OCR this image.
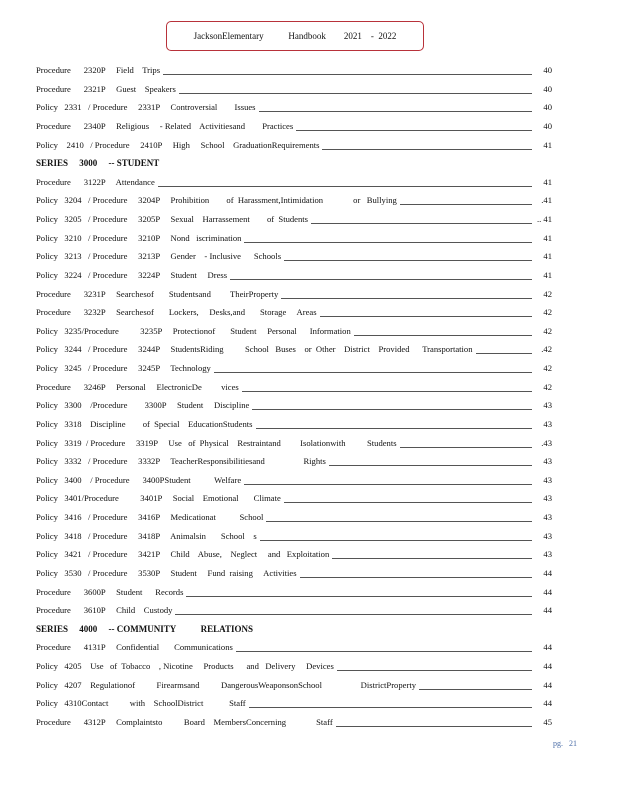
JacksonElementary           Handbook        2021    -  2022
Procedure      2320P     Field    Trips	40
Procedure      2321P     Guest    Speakers	40
Policy   2331   / Procedure     2331P     Controversial        Issues	40
Procedure      2340P     Religious     - Related    Activitiesand        Practices	40
Policy    2410   / Procedure     2410P     High     School    GraduationRequirements	41
SERIES     3000     -- STUDENT
Procedure      3122P     Attendance	41
Policy   3204   / Procedure     3204P     Prohibition        of  Harassment,Intimidation              or   Bullying	.41
Policy   3205   / Procedure     3205P     Sexual    Harrassement        of  Students	.. 41
Policy   3210   / Procedure     3210P     Nond   iscrimination	41
Policy   3213   / Procedure     3213P     Gender    - Inclusive      Schools	41
Policy   3224   / Procedure     3224P     Student     Dress	41
Procedure      3231P     Searchesof       Studentsand         TheirProperty	42
Procedure      3232P     Searchesof       Lockers,     Desks,and       Storage     Areas	42
Policy   3235/Procedure          3235P     Protectionof       Student     Personal      Information	42
Policy   3244   / Procedure     3244P     StudentsRiding          School   Buses    or  Other    District    Provided      Transportation	.42
Policy   3245   / Procedure     3245P     Technology	42
Procedure      3246P     Personal     ElectronicDe         vices	42
Policy   3300    /Procedure        3300P     Student     Discipline	43
Policy   3318    Discipline        of  Special    EducationStudents	43
Policy   3319  / Procedure     3319P     Use   of  Physical    Restraintand         Isolationwith          Students	.43
Policy   3332   / Procedure     3332P     TeacherResponsibilitiesand                  Rights	43
Policy   3400    / Procedure      3400PStudent           Welfare	43
Policy   3401/Procedure          3401P     Social    Emotional       Climate	43
Policy   3416   / Procedure     3416P     Medicationat           School	43
Policy   3418   / Procedure     3418P     Animalsin       School    s	43
Policy   3421   / Procedure     3421P     Child    Abuse,    Neglect     and   Exploitation	43
Policy   3530   / Procedure     3530P     Student     Fund  raising     Activities	44
Procedure      3600P     Student      Records	44
Procedure      3610P     Child    Custody	44
SERIES     4000     -- COMMUNITY           RELATIONS
Procedure      4131P     Confidential       Communications	44
Policy   4205    Use   of  Tobacco    , Nicotine     Products      and   Delivery     Devices	44
Policy   4207    Regulationof          Firearmsand          DangerousWeaponsonSchool                  DistrictProperty	44
Policy   4310Contact          with    SchoolDistrict            Staff	44
Procedure      4312P     Complaintsto          Board    MembersConcerning              Staff	45
pg.   21
